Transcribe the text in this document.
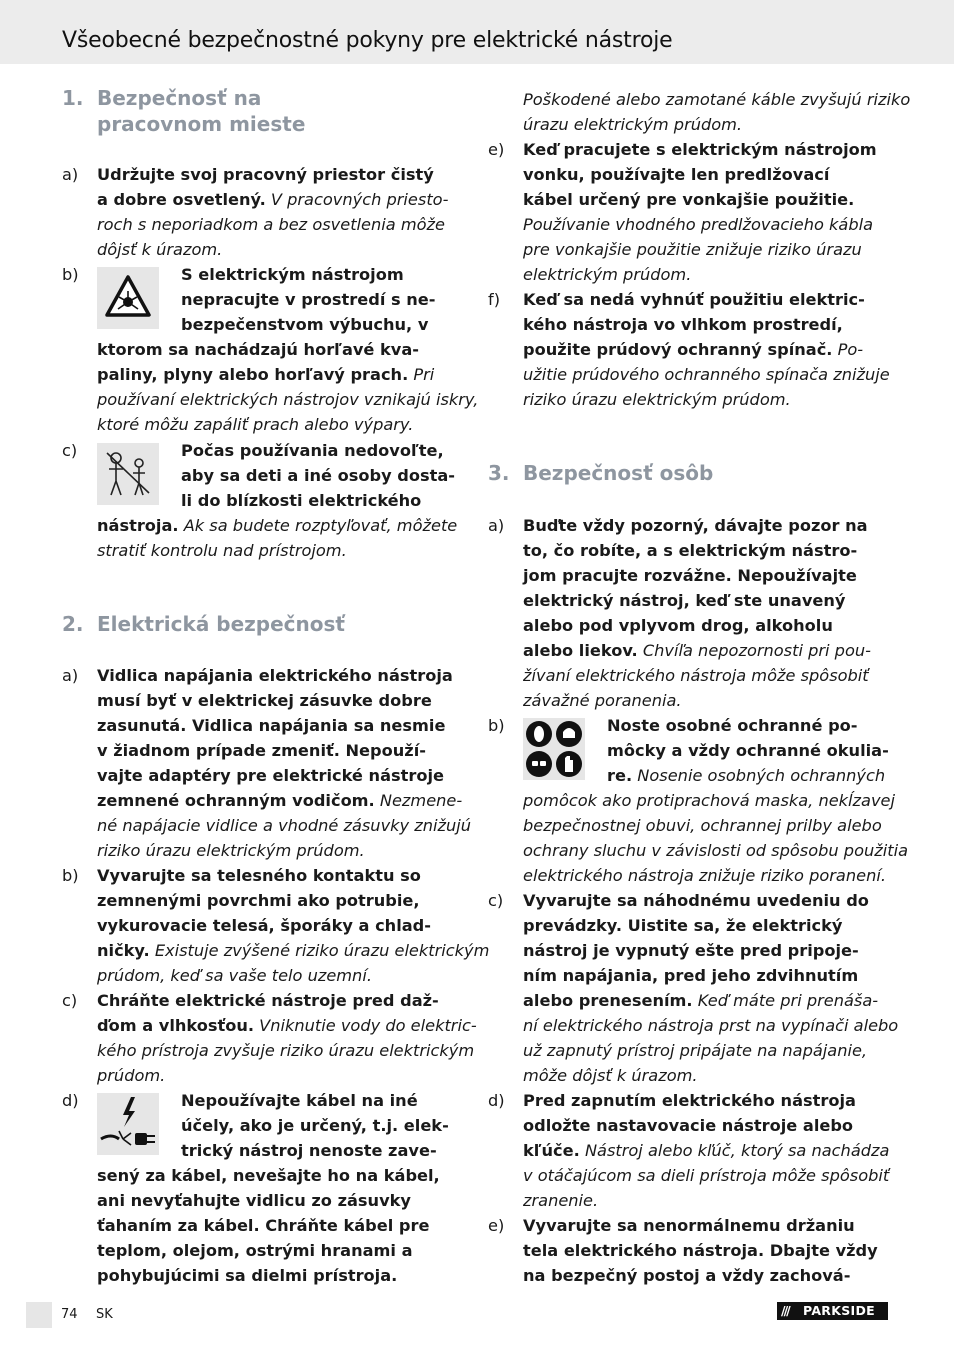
Všeobecné bezpečnostné pokyny pre elektrické nástroje
1. Bezpečnosť na
pracovnom mieste
a) Udržujte svoj pracovný priestor čistý
a dobre osvetlený. V pracovných priesto-
roch s neporiadkom a bez osvetlenia môže
dôjsť k úrazom.
b)	S elektrickým nástrojom
nepracujte v prostredí s ne-
bezpečenstvom výbuchu, v
ktorom sa nachádzajú horľavé kva-
paliny, plyny alebo horľavý prach. Pri
používaní elektrických nástrojov vznikajú iskry,
ktoré môžu zapáliť prach alebo výpary.
c)	Počas používania nedovoľte,
aby sa deti a iné osoby dosta-
li do blízkosti elektrického
nástroja. Ak sa budete rozptyľovať, môžete
stratiť kontrolu nad prístrojom.
2. Elektrická bezpečnosť
a) Vidlica napájania elektrického nástroja
musí byť v elektrickej zásuvke dobre
zasunutá. Vidlica napájania sa nesmie
v žiadnom prípade zmeniť. Nepouží-
vajte adaptéry pre elektrické nástroje
zemnené ochranným vodičom. Nezmene-
né napájacie vidlice a vhodné zásuvky znižujú
riziko úrazu elektrickým prúdom.
b) Vyvarujte sa telesného kontaktu so
zemnenými povrchmi ako potrubie,
vykurovacie telesá, šporáky a chlad-
ničky. Existuje zvýšené riziko úrazu elektrickým
prúdom, keď sa vaše telo uzemní.
c) Chráňte elektrické nástroje pred daž-
ďom a vlhkosťou. Vniknutie vody do elektric-
kého prístroja zvyšuje riziko úrazu elektrickým
prúdom.
d)	Nepoužívajte kábel na iné
účely, ako je určený, t.j. elek-
trický nástroj nenoste zave-
sený za kábel, nevešajte ho na kábel,
ani nevyťahujte vidlicu zo zásuvky
ťahaním za kábel. Chráňte kábel pre
teplom, olejom, ostrými hranami a
pohybujúcimi sa dielmi prístroja.
Poškodené alebo zamotané káble zvyšujú riziko
úrazu elektrickým prúdom.
e) Keď pracujete s elektrickým nástrojom
vonku, používajte len predlžovací
kábel určený pre vonkajšie použitie.
Používanie vhodného predlžovacieho kábla
pre vonkajšie použitie znižuje riziko úrazu
elektrickým prúdom.
f) Keď sa nedá vyhnúť použitiu elektric-
kého nástroja vo vlhkom prostredí,
použite prúdový ochranný spínač. Po-
užitie prúdového ochranného spínača znižuje
riziko úrazu elektrickým prúdom.
3. Bezpečnosť osôb
a) Buďte vždy pozorný, dávajte pozor na
to, čo robíte, a s elektrickým nástro-
jom pracujte rozvážne. Nepoužívajte
elektrický nástroj, keď ste unavený
alebo pod vplyvom drog, alkoholu
alebo liekov. Chvíľa nepozornosti pri pou-
žívaní elektrického nástroja môže spôsobiť
závažné poranenia.
b)	Noste osobné ochranné po-
môcky a vždy ochranné okulia-
re. Nosenie osobných ochranných
pomôcok ako protiprachová maska, nekĺzavej
bezpečnostnej obuvi, ochrannej prilby alebo
ochrany sluchu v závislosti od spôsobu použitia
elektrického nástroja znižuje riziko poranení.
c) Vyvarujte sa náhodnému uvedeniu do
prevádzky. Uistite sa, že elektrický
nástroj je vypnutý ešte pred pripoje-
ním napájania, pred jeho zdvihnutím
alebo prenesením. Keď máte pri prenáša-
ní elektrického nástroja prst na vypínači alebo
už zapnutý prístroj pripájate na napájanie,
môže dôjsť k úrazom.
d) Pred zapnutím elektrického nástroja
odložte nastavovacie nástroje alebo
kľúče. Nástroj alebo kľúč, ktorý sa nachádza
v otáčajúcom sa dieli prístroja môže spôsobiť
zranenie.
e) Vyvarujte sa nenormálnemu držaniu
tela elektrického nástroja. Dbajte vždy
na bezpečný postoj a vždy zachová-
74 SK	/// PARKSIDE
